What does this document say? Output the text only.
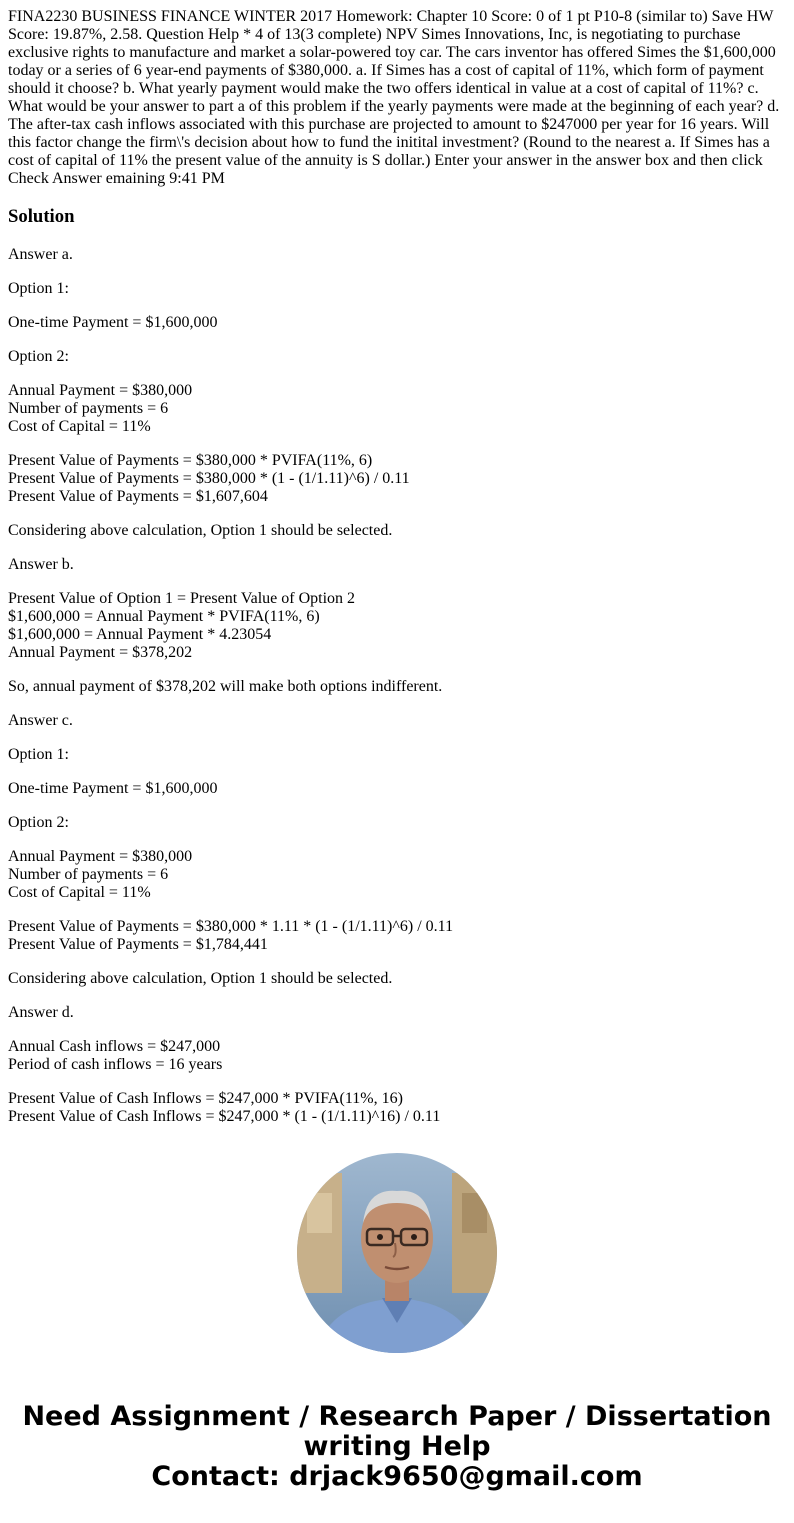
FINA2230 BUSINESS FINANCE WINTER 2017 Homework: Chapter 10 Score: 0 of 1 pt P10-8 (similar to) Save HW Score: 19.87%, 2.58. Question Help * 4 of 13(3 complete) NPV Simes Innovations, Inc, is negotiating to purchase exclusive rights to manufacture and market a solar-powered toy car. The cars inventor has offered Simes the $1,600,000 today or a series of 6 year-end payments of $380,000. a. If Simes has a cost of capital of 11%, which form of payment should it choose? b. What yearly payment would make the two offers identical in value at a cost of capital of 11%? c. What would be your answer to part a of this problem if the yearly payments were made at the beginning of each year? d. The after-tax cash inflows associated with this purchase are projected to amount to $247000 per year for 16 years. Will this factor change the firm\'s decision about how to fund the initital investment? (Round to the nearest a. If Simes has a cost of capital of 11% the present value of the annuity is S dollar.) Enter your answer in the answer box and then click Check Answer emaining 9:41 PM
Solution
Answer a.
Option 1:
One-time Payment = $1,600,000
Option 2:
Annual Payment = $380,000
Number of payments = 6
Cost of Capital = 11%
Present Value of Payments = $380,000 * PVIFA(11%, 6)
Present Value of Payments = $380,000 * (1 - (1/1.11)^6) / 0.11
Present Value of Payments = $1,607,604
Considering above calculation, Option 1 should be selected.
Answer b.
Present Value of Option 1 = Present Value of Option 2
$1,600,000 = Annual Payment * PVIFA(11%, 6)
$1,600,000 = Annual Payment * 4.23054
Annual Payment = $378,202
So, annual payment of $378,202 will make both options indifferent.
Answer c.
Option 1:
One-time Payment = $1,600,000
Option 2:
Annual Payment = $380,000
Number of payments = 6
Cost of Capital = 11%
Present Value of Payments = $380,000 * 1.11 * (1 - (1/1.11)^6) / 0.11
Present Value of Payments = $1,784,441
Considering above calculation, Option 1 should be selected.
Answer d.
Annual Cash inflows = $247,000
Period of cash inflows = 16 years
Present Value of Cash Inflows = $247,000 * PVIFA(11%, 16)
Present Value of Cash Inflows = $247,000 * (1 - (1/1.11)^16) / 0.11
Need Assignment / Research Paper / Dissertation
writing Help
Contact: drjack9650@gmail.com
